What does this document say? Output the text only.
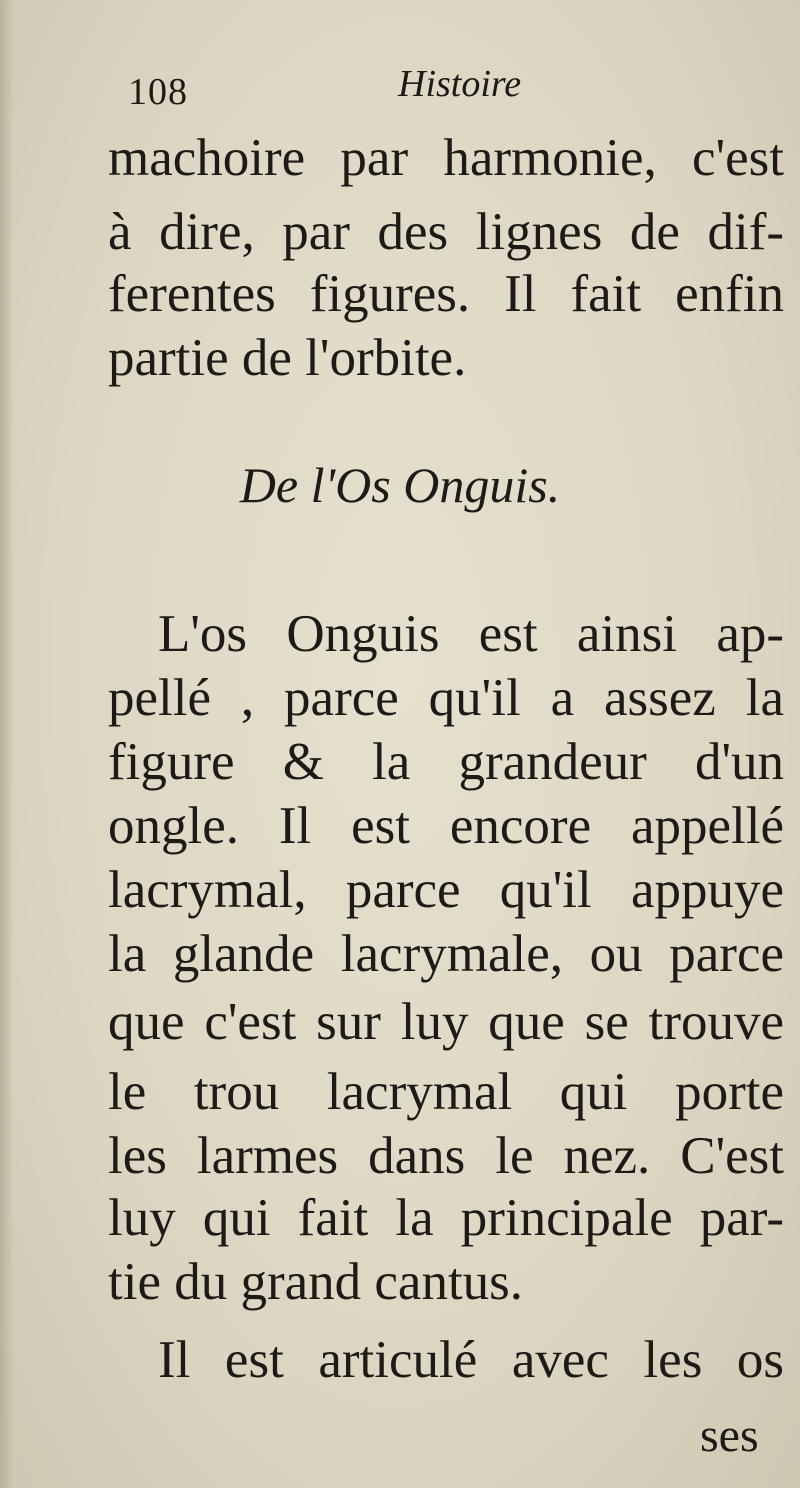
108	Histoire
machoire par harmonie, c'est
à dire, par des lignes de dif-
ferentes figures. Il fait enfin
partie de l'orbite.
De l'Os Onguis.
L'os Onguis est ainsi ap-
pellé , parce qu'il a assez la
figure & la grandeur d'un
ongle. Il est encore appellé
lacrymal, parce qu'il appuye
la glande lacrymale, ou parce
que c'est sur luy que se trouve
le trou lacrymal qui porte
les larmes dans le nez. C'est
luy qui fait la principale par-
tie du grand cantus.
Il est articulé avec les os
ses
